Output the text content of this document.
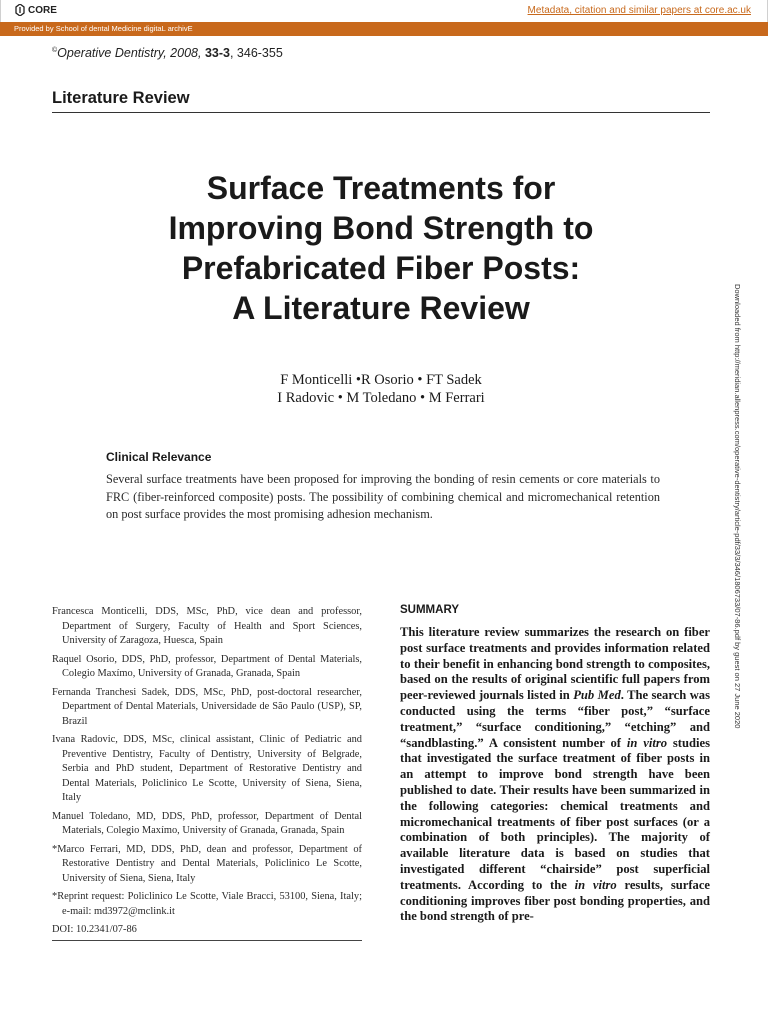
CORE	Metadata, citation and similar papers at core.ac.uk
Provided by School of dental Medicine digitaL archivE
©Operative Dentistry, 2008, 33-3, 346-355
Literature Review
Surface Treatments for
Improving Bond Strength to
Prefabricated Fiber Posts:
A Literature Review
F Monticelli •R Osorio • FT Sadek
I Radovic • M Toledano • M Ferrari
Clinical Relevance
Several surface treatments have been proposed for improving the bonding of resin cements or core materials to FRC (fiber-reinforced composite) posts. The possibility of combining chemical and micromechanical retention on post surface provides the most promising adhesion mechanism.

Francesca Monticelli, DDS, MSc, PhD, vice dean and professor, Department of Surgery, Faculty of Health and Sport Sciences, University of Zaragoza, Huesca, Spain

Raquel Osorio, DDS, PhD, professor, Department of Dental Materials, Colegio Maxímo, University of Granada, Granada, Spain

Fernanda Tranchesi Sadek, DDS, MSc, PhD, post-doctoral researcher, Department of Dental Materials, Universidade de São Paulo (USP), SP, Brazil

Ivana Radovic, DDS, MSc, clinical assistant, Clinic of Pediatric and Preventive Dentistry, Faculty of Dentistry, University of Belgrade, Serbia and PhD student, Department of Restorative Dentistry and Dental Materials, Policlinico Le Scotte, University of Siena, Siena, Italy

Manuel Toledano, MD, DDS, PhD, professor, Department of Dental Materials, Colegio Maxímo, University of Granada, Granada, Spain

*Marco Ferrari, MD, DDS, PhD, dean and professor, Department of Restorative Dentistry and Dental Materials, Policlinico Le Scotte, University of Siena, Siena, Italy

*Reprint request: Policlinico Le Scotte, Viale Bracci, 53100, Siena, Italy; e-mail: md3972@mclink.it

DOI: 10.2341/07-86

SUMMARY
This literature review summarizes the research on fiber post surface treatments and provides information related to their benefit in enhancing bond strength to composites, based on the results of original scientific full papers from peer-reviewed journals listed in Pub Med. The search was conducted using the terms “fiber post,” “surface treatment,” “surface conditioning,” “etching” and “sandblasting.” A consistent number of in vitro studies that investigated the surface treatment of fiber posts in an attempt to improve bond strength have been published to date. Their results have been summarized in the following categories: chemical treatments and micromechanical treatments of fiber post surfaces (or a combination of both principles). The majority of available literature data is based on studies that investigated different “chairside” post superficial treatments. According to the in vitro results, surface conditioning improves fiber post bonding properties, and the bond strength of pre-
Downloaded from http://meridian.allenpress.com/operative-dentistry/article-pdf/33/3/346/1806733/07-86.pdf by guest on 27 June 2020
